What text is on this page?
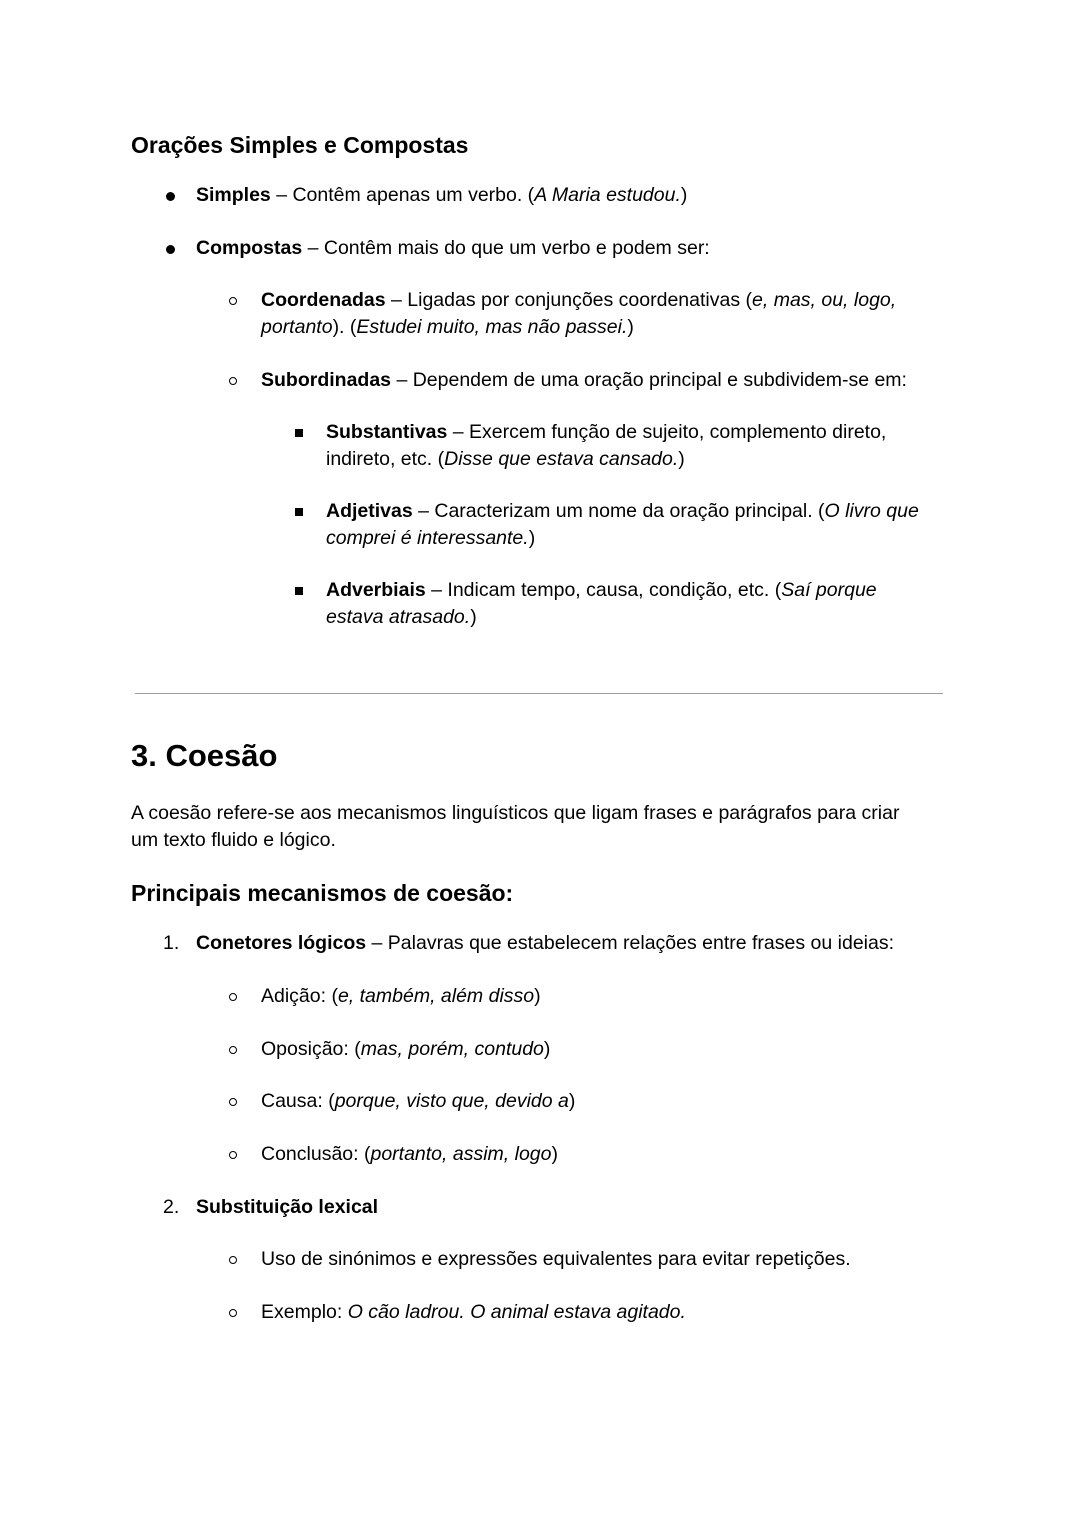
Orações Simples e Compostas
Simples – Contêm apenas um verbo. (A Maria estudou.)
Compostas – Contêm mais do que um verbo e podem ser:
Coordenadas – Ligadas por conjunções coordenativas (e, mas, ou, logo, portanto). (Estudei muito, mas não passei.)
Subordinadas – Dependem de uma oração principal e subdividem-se em:
Substantivas – Exercem função de sujeito, complemento direto, indireto, etc. (Disse que estava cansado.)
Adjetivas – Caracterizam um nome da oração principal. (O livro que comprei é interessante.)
Adverbiais – Indicam tempo, causa, condição, etc. (Saí porque estava atrasado.)
3. Coesão
A coesão refere-se aos mecanismos linguísticos que ligam frases e parágrafos para criar um texto fluido e lógico.
Principais mecanismos de coesão:
1. Conetores lógicos – Palavras que estabelecem relações entre frases ou ideias:
Adição: (e, também, além disso)
Oposição: (mas, porém, contudo)
Causa: (porque, visto que, devido a)
Conclusão: (portanto, assim, logo)
2. Substituição lexical
Uso de sinónimos e expressões equivalentes para evitar repetições.
Exemplo: O cão ladrou. O animal estava agitado.
